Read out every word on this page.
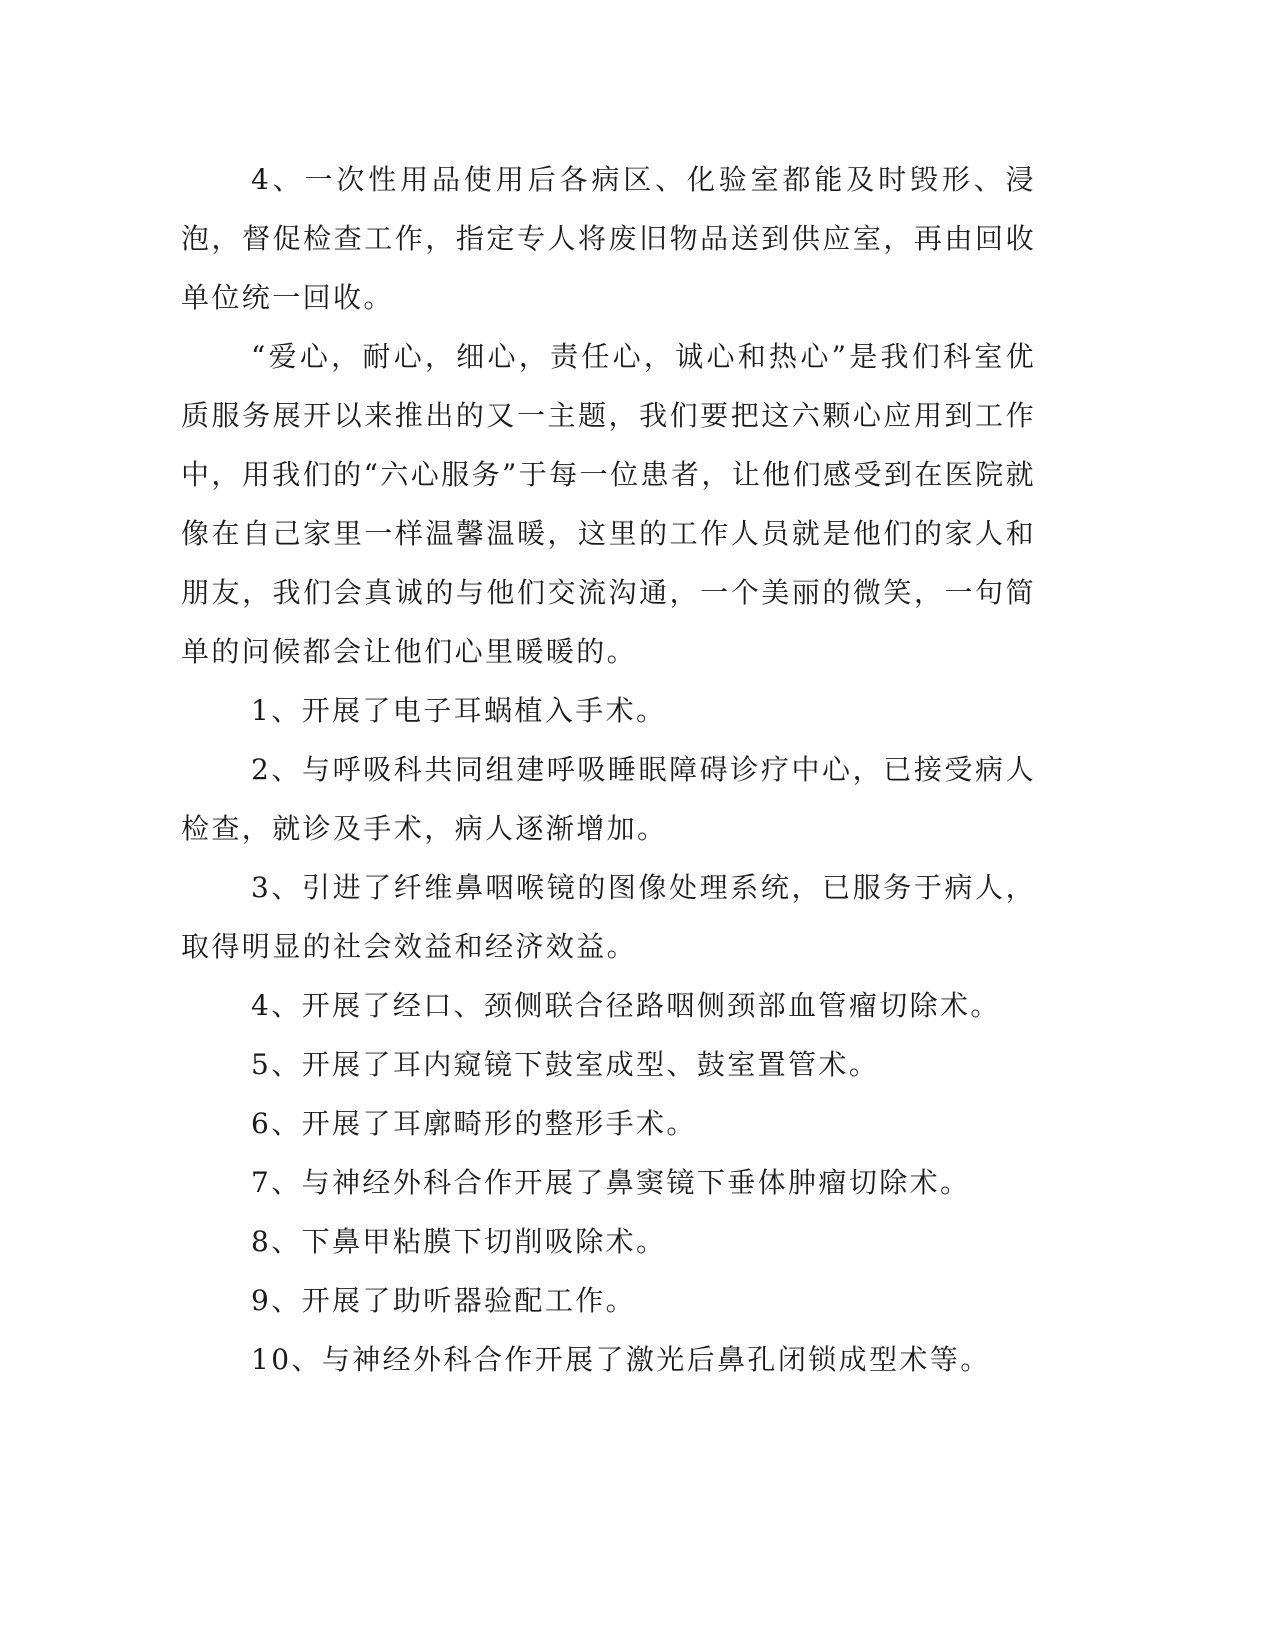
4、一次性用品使用后各病区、化验室都能及时毁形、浸泡，督促检查工作，指定专人将废旧物品送到供应室，再由回收单位统一回收。

“爱心，耐心，细心，责任心，诚心和热心”是我们科室优质服务展开以来推出的又一主题，我们要把这六颗心应用到工作中，用我们的“六心服务”于每一位患者，让他们感受到在医院就像在自己家里一样温馨温暖，这里的工作人员就是他们的家人和朋友，我们会真诚的与他们交流沟通，一个美丽的微笑，一句简单的问候都会让他们心里暖暖的。

1、开展了电子耳蜗植入手术。

2、与呼吸科共同组建呼吸睡眠障碍诊疗中心，已接受病人检查，就诊及手术，病人逐渐增加。

3、引进了纤维鼻咽喉镜的图像处理系统，已服务于病人，取得明显的社会效益和经济效益。

4、开展了经口、颈侧联合径路咽侧颈部血管瘤切除术。

5、开展了耳内窥镜下鼓室成型、鼓室置管术。

6、开展了耳廓畸形的整形手术。

7、与神经外科合作开展了鼻窦镜下垂体肿瘤切除术。

8、下鼻甲粘膜下切削吸除术。

9、开展了助听器验配工作。

10、与神经外科合作开展了激光后鼻孔闭锁成型术等。
